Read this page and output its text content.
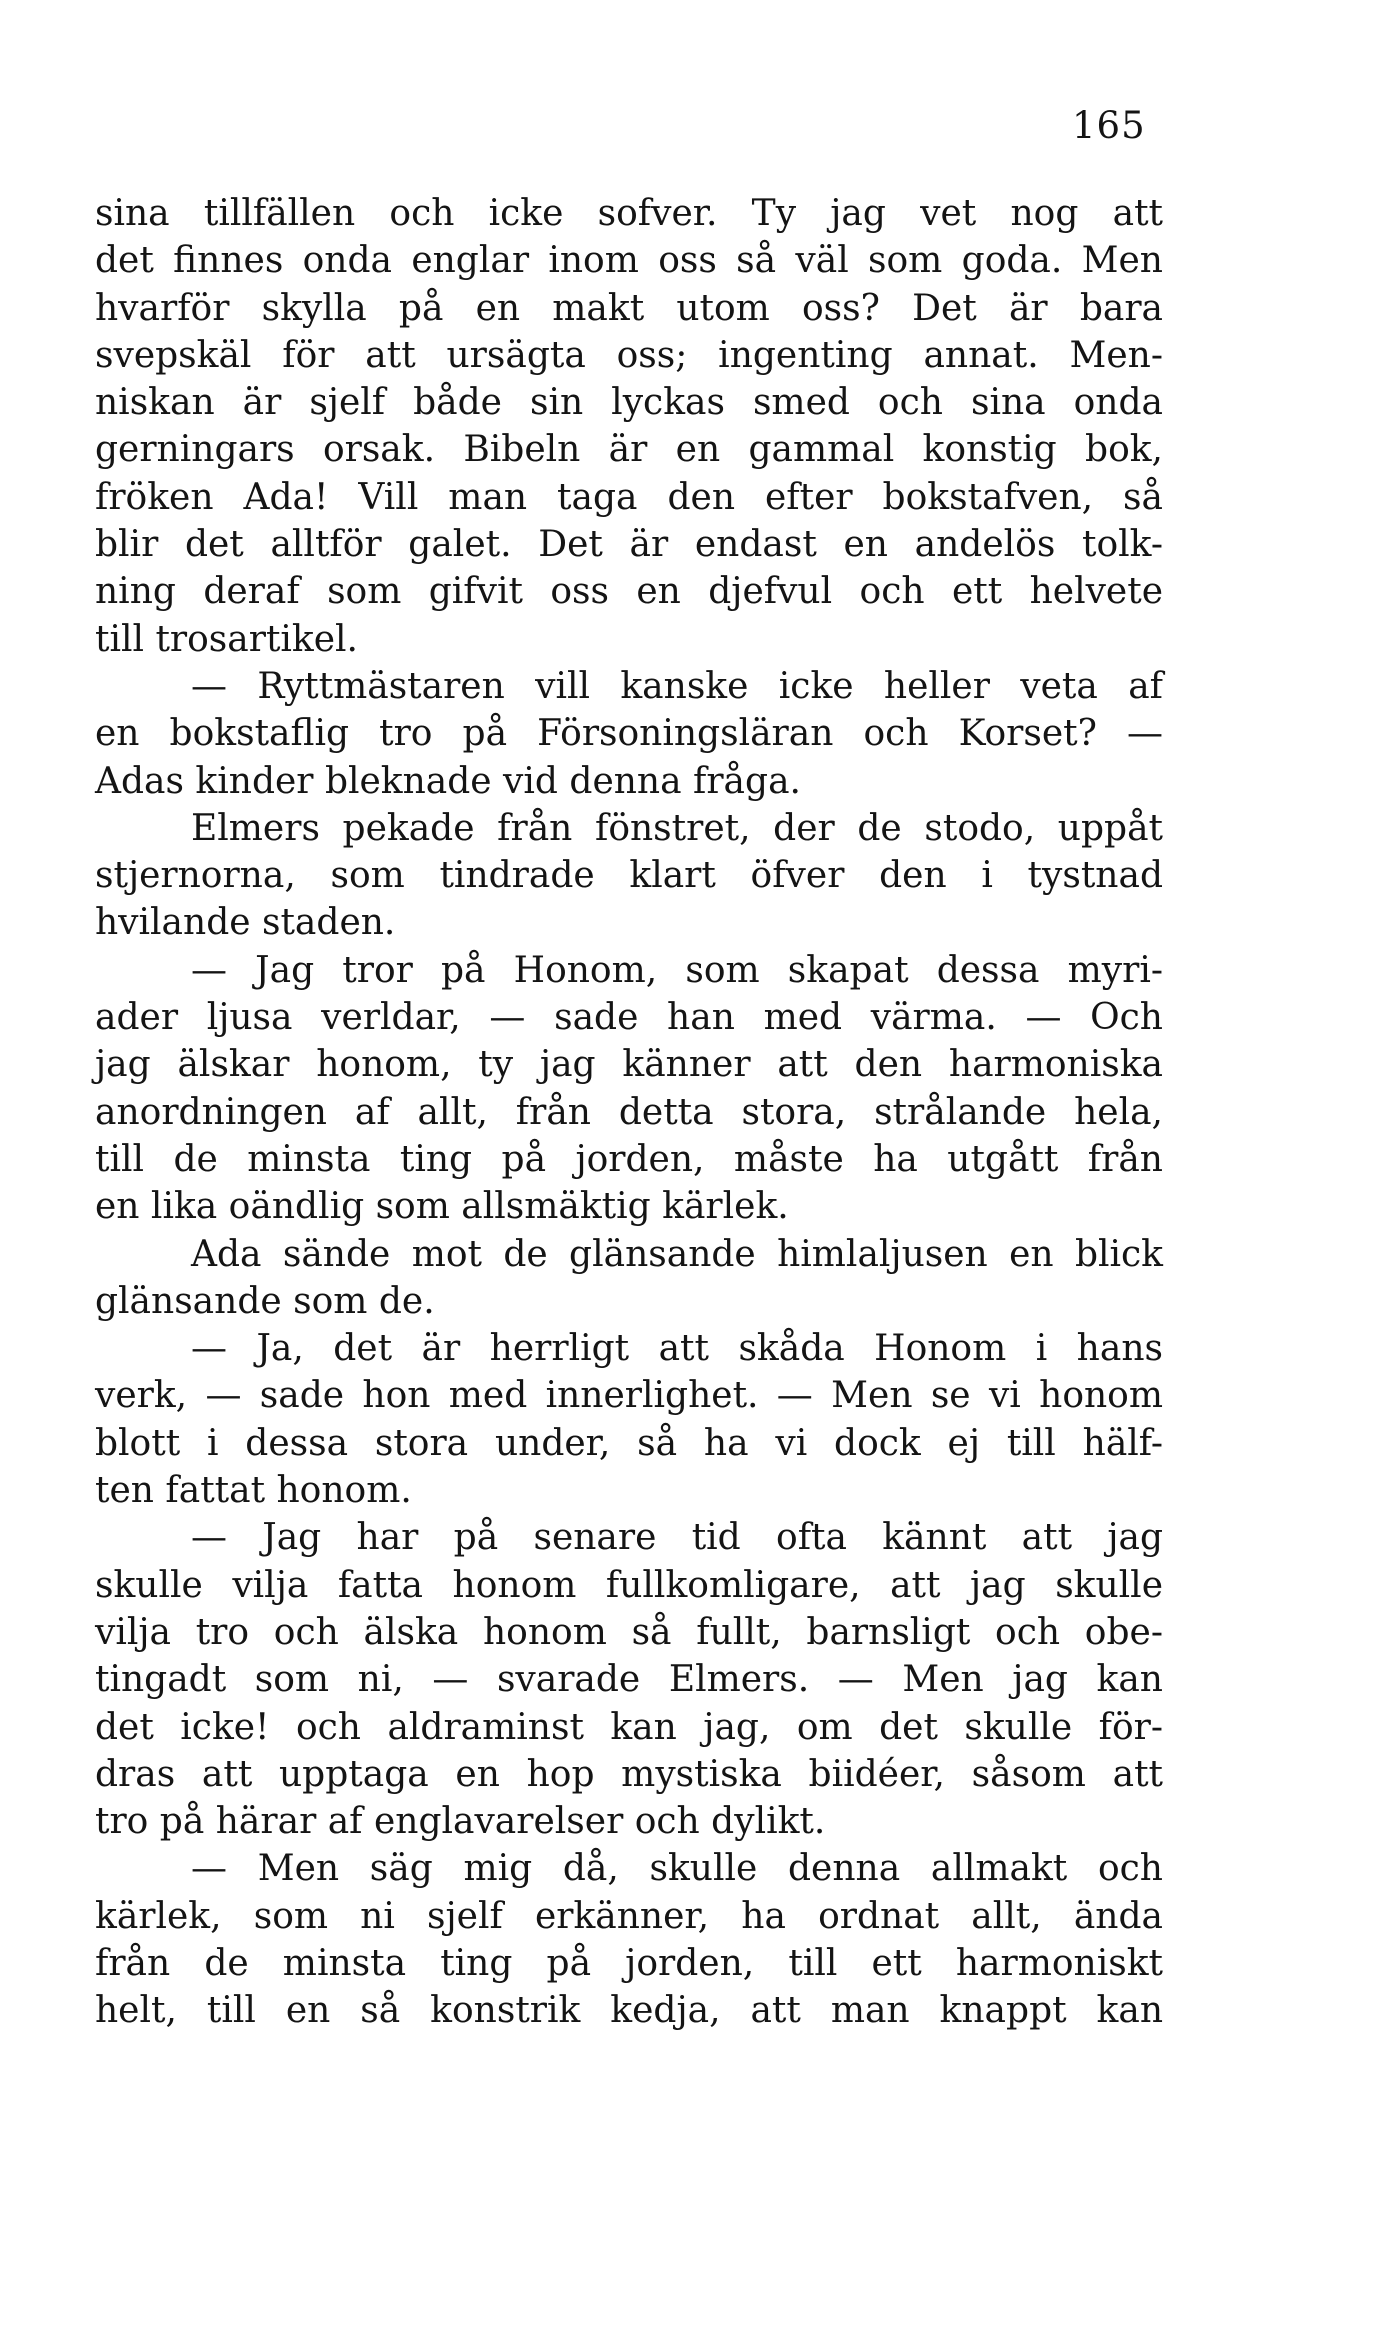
165
sina tillfällen och icke sofver. Ty jag vet nog att
det finnes onda englar inom oss så väl som goda. Men
hvarför skylla på en makt utom oss? Det är bara
svepskäl för att ursägta oss; ingenting annat. Men-
niskan är sjelf både sin lyckas smed och sina onda
gerningars orsak. Bibeln är en gammal konstig bok,
fröken Ada! Vill man taga den efter bokstafven, så
blir det alltför galet. Det är endast en andelös tolk-
ning deraf som gifvit oss en djefvul och ett helvete
till trosartikel.
— Ryttmästaren vill kanske icke heller veta af
en bokstaflig tro på Försoningsläran och Korset? —
Adas kinder bleknade vid denna fråga.
Elmers pekade från fönstret, der de stodo, uppåt
stjernorna, som tindrade klart öfver den i tystnad
hvilande staden.
— Jag tror på Honom, som skapat dessa myri-
ader ljusa verldar, — sade han med värma. — Och
jag älskar honom, ty jag känner att den harmoniska
anordningen af allt, från detta stora, strålande hela,
till de minsta ting på jorden, måste ha utgått från
en lika oändlig som allsmäktig kärlek.
Ada sände mot de glänsande himlaljusen en blick
glänsande som de.
— Ja, det är herrligt att skåda Honom i hans
verk, — sade hon med innerlighet. — Men se vi honom
blott i dessa stora under, så ha vi dock ej till hälf-
ten fattat honom.
— Jag har på senare tid ofta kännt att jag
skulle vilja fatta honom fullkomligare, att jag skulle
vilja tro och älska honom så fullt, barnsligt och obe-
tingadt som ni, — svarade Elmers. — Men jag kan
det icke! och aldraminst kan jag, om det skulle för-
dras att upptaga en hop mystiska biidéer, såsom att
tro på härar af englavarelser och dylikt.
— Men säg mig då, skulle denna allmakt och
kärlek, som ni sjelf erkänner, ha ordnat allt, ända
från de minsta ting på jorden, till ett harmoniskt
helt, till en så konstrik kedja, att man knappt kan
